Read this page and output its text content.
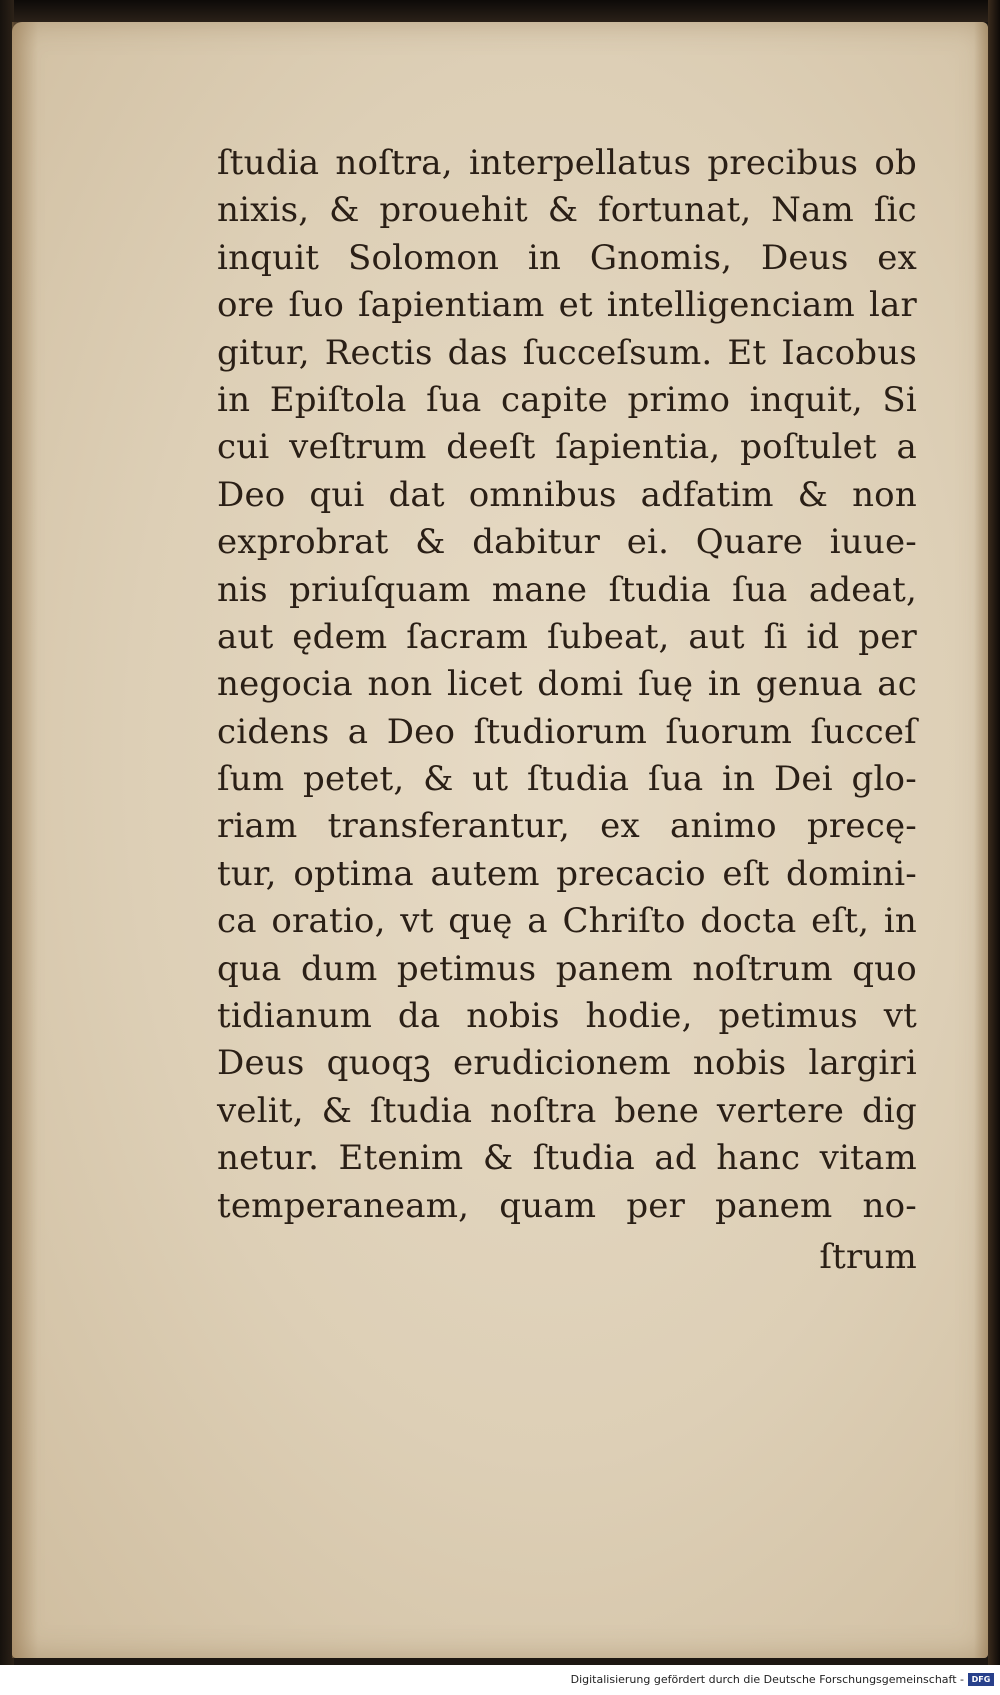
ſtudia noſtra, interpellatus precibus ob
nixis, & prouehit & fortunat, Nam ſic
inquit Solomon in Gnomis, Deus ex
ore ſuo ſapientiam et intelligenciam lar
gitur, Rectis das ſucceſsum. Et Iacobus
in Epiſtola ſua capite primo inquit, Si
cui veſtrum deeſt ſapientia, poſtulet a
Deo qui dat omnibus adfatim & non
exprobrat & dabitur ei. Quare iuue-
nis priuſquam mane ſtudia ſua adeat,
aut ędem ſacram ſubeat, aut ſi id per
negocia non licet domi ſuę in genua ac
cidens a Deo ſtudiorum ſuorum ſucceſ
ſum petet, & ut ſtudia ſua in Dei glo-
riam transferantur, ex animo precę-
tur, optima autem precacio eſt domini-
ca oratio, vt quę a Chriſto docta eſt, in
qua dum petimus panem noſtrum quo
tidianum da nobis hodie, petimus vt
Deus quoqꝫ erudicionem nobis largiri
velit, & ſtudia noſtra bene vertere dig
netur. Etenim & ſtudia ad hanc vitam
temperaneam, quam per panem no-
ſtrum
Digitalisierung gefördert durch die Deutsche Forschungsgemeinschaft - DFG
